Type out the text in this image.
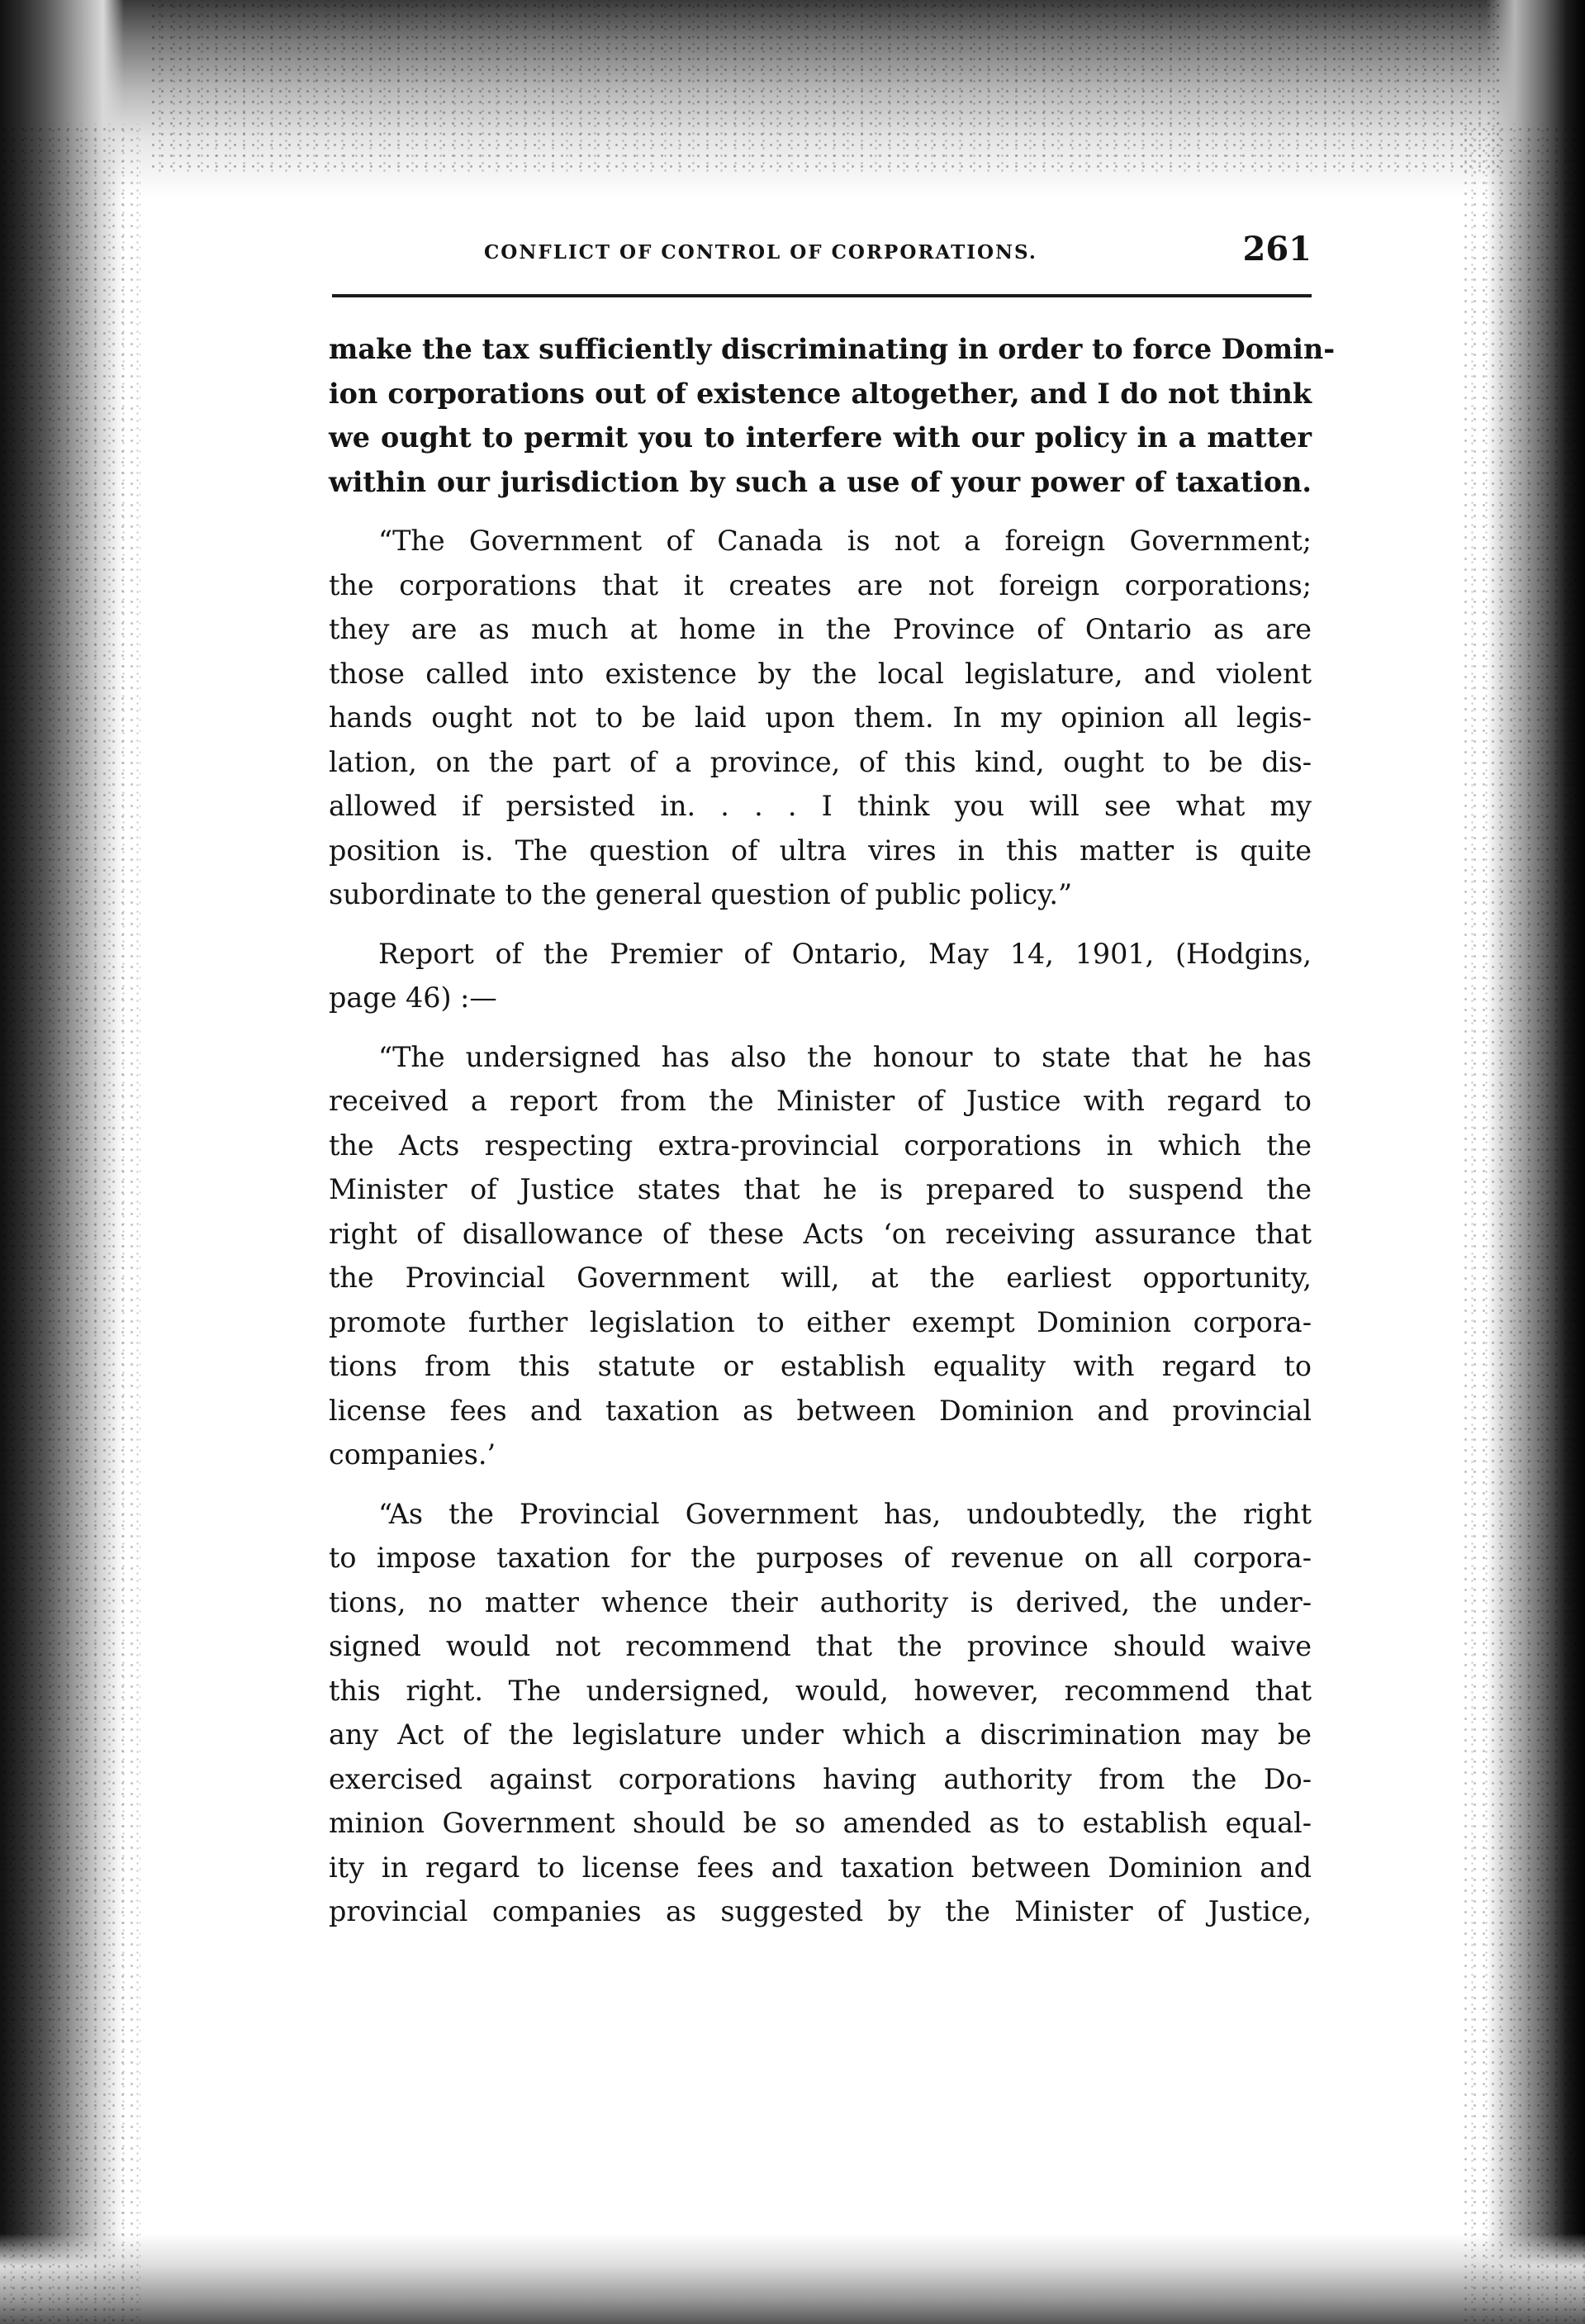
CONFLICT OF CONTROL OF CORPORATIONS.	261
make the tax sufficiently discriminating in order to force Domin-
ion corporations out of existence altogether, and I do not think
we ought to permit you to interfere with our policy in a matter
within our jurisdiction by such a use of your power of taxation.
“The Government of Canada is not a foreign Government;
the corporations that it creates are not foreign corporations;
they are as much at home in the Province of Ontario as are
those called into existence by the local legislature, and violent
hands ought not to be laid upon them. In my opinion all legis-
lation, on the part of a province, of this kind, ought to be dis-
allowed if persisted in. . . . I think you will see what my
position is. The question of ultra vires in this matter is quite
subordinate to the general question of public policy.”
Report of the Premier of Ontario, May 14, 1901, (Hodgins,
page 46) :—
“The undersigned has also the honour to state that he has
received a report from the Minister of Justice with regard to
the Acts respecting extra-provincial corporations in which the
Minister of Justice states that he is prepared to suspend the
right of disallowance of these Acts ‘on receiving assurance that
the Provincial Government will, at the earliest opportunity,
promote further legislation to either exempt Dominion corpora-
tions from this statute or establish equality with regard to
license fees and taxation as between Dominion and provincial
companies.’
“As the Provincial Government has, undoubtedly, the right
to impose taxation for the purposes of revenue on all corpora-
tions, no matter whence their authority is derived, the under-
signed would not recommend that the province should waive
this right. The undersigned, would, however, recommend that
any Act of the legislature under which a discrimination may be
exercised against corporations having authority from the Do-
minion Government should be so amended as to establish equal-
ity in regard to license fees and taxation between Dominion and
provincial companies as suggested by the Minister of Justice,
